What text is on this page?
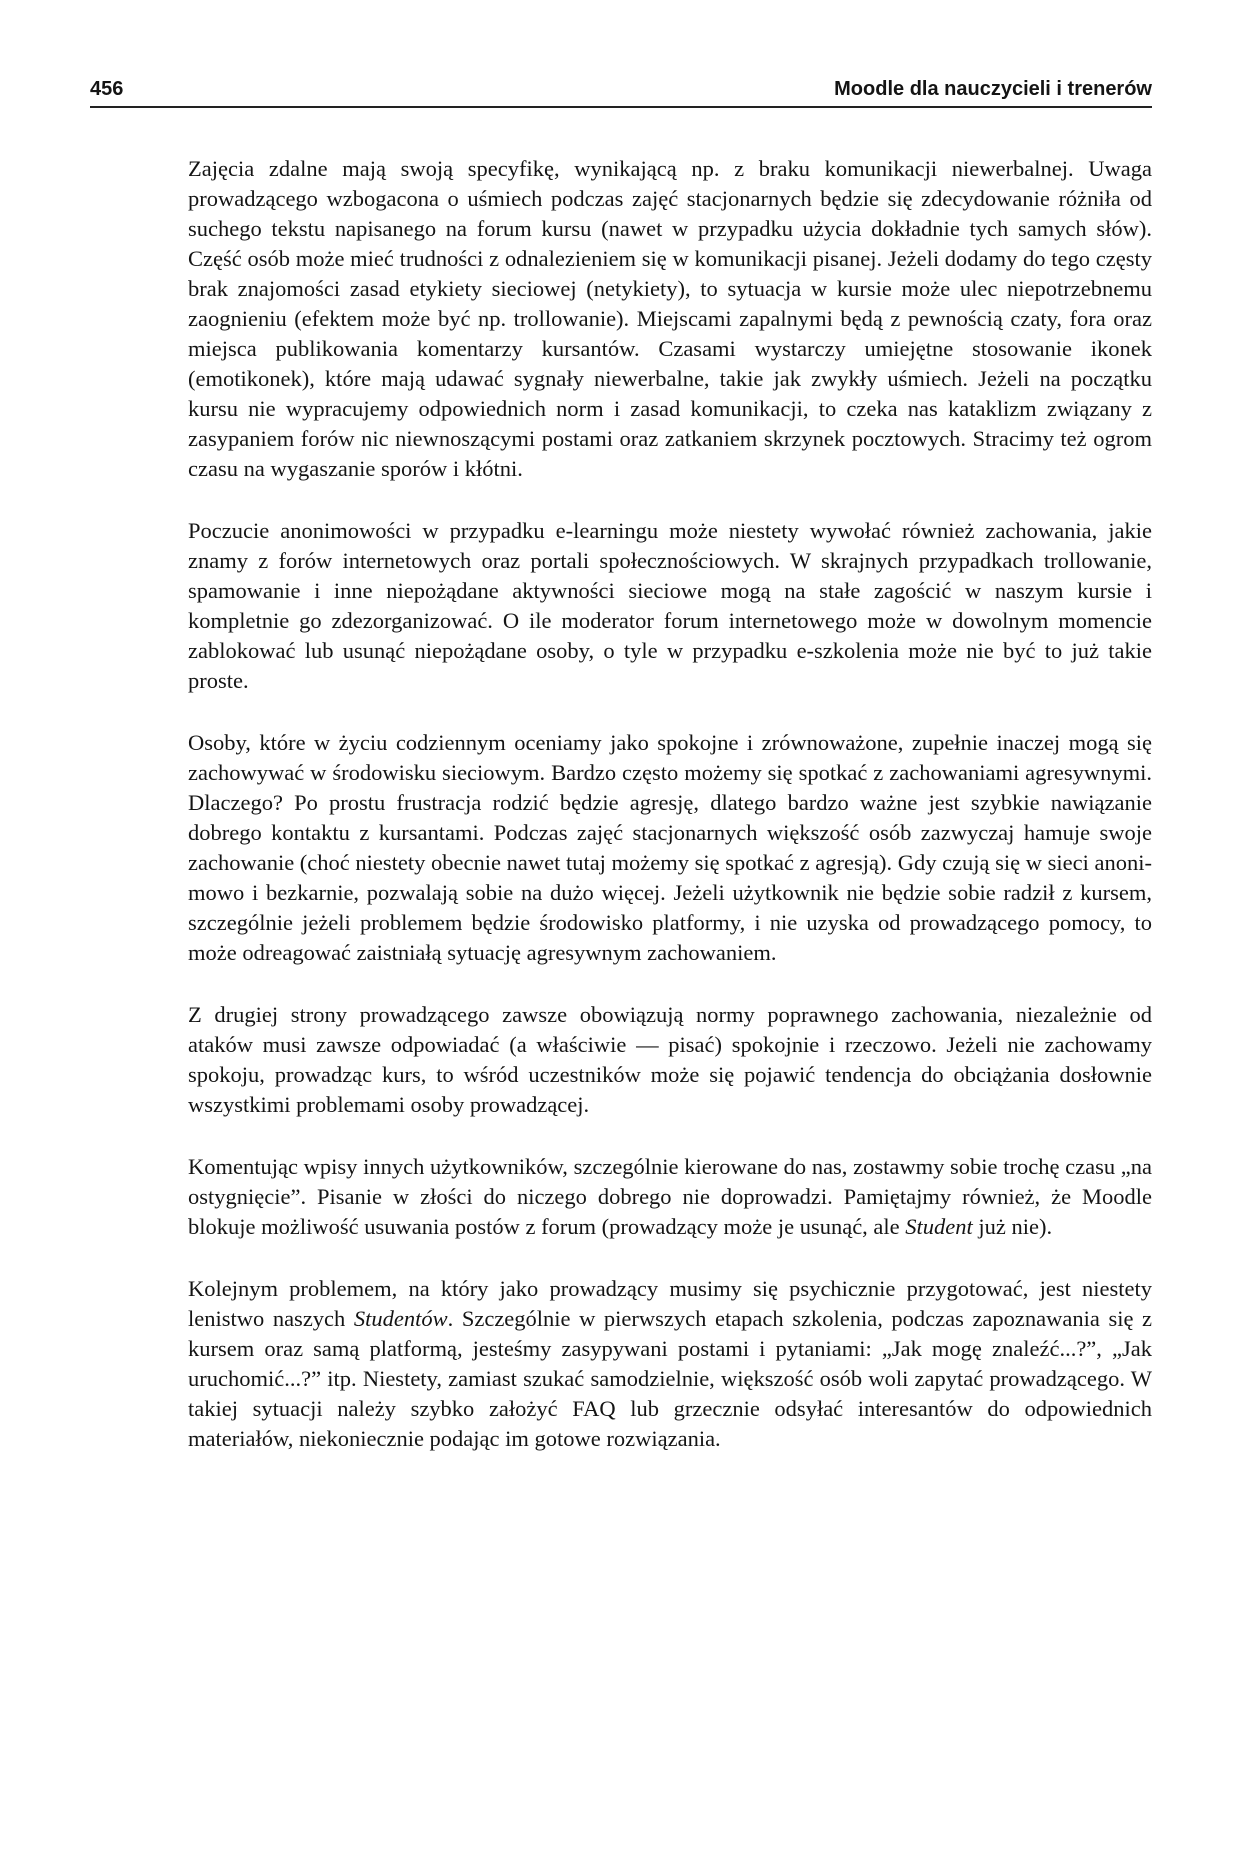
456	Moodle dla nauczycieli i trenerów

Zajęcia zdalne mają swoją specyfikę, wynikającą np. z braku komunikacji niewerbalnej. Uwaga prowadzącego wzbogacona o uśmiech podczas zajęć stacjonarnych będzie się zdecydowanie różniła od suchego tekstu napisanego na forum kursu (nawet w przypadku użycia dokładnie tych samych słów). Część osób może mieć trudności z odnalezieniem się w komunikacji pisanej. Jeżeli dodamy do tego częsty brak znajomości zasad etykiety sieciowej (netykiety), to sytuacja w kursie może ulec niepotrzebnemu zaognieniu (efektem może być np. trollowanie). Miejscami zapalnymi będą z pewnością czaty, fora oraz miejsca publikowania komentarzy kursantów. Czasami wystarczy umiejętne stosowanie ikonek (emotikonek), które mają udawać sygnały niewerbalne, takie jak zwykły uśmiech. Jeżeli na początku kursu nie wypracujemy odpowiednich norm i zasad komunikacji, to czeka nas kataklizm związany z zasypaniem forów nic niewnoszącymi postami oraz zatkaniem skrzynek pocztowych. Stracimy też ogrom czasu na wygaszanie sporów i kłótni.

Poczucie anonimowości w przypadku e-learningu może niestety wywołać również zachowania, jakie znamy z forów internetowych oraz portali społecznościowych. W skrajnych przypadkach trollowanie, spamowanie i inne niepożądane aktywności sieciowe mogą na stałe zagościć w naszym kursie i kompletnie go zdezorganizować. O ile moderator forum internetowego może w dowolnym momencie zablokować lub usunąć niepożądane osoby, o tyle w przypadku e-szkolenia może nie być to już takie proste.

Osoby, które w życiu codziennym oceniamy jako spokojne i zrównoważone, zupełnie inaczej mogą się zachowywać w środowisku sieciowym. Bardzo często możemy się spotkać z zachowaniami agresywnymi. Dlaczego? Po prostu frustracja rodzić będzie agresję, dlatego bardzo ważne jest szybkie nawiązanie dobrego kontaktu z kursantami. Podczas zajęć stacjonarnych większość osób zazwyczaj hamuje swoje zachowanie (choć niestety obecnie nawet tutaj możemy się spotkać z agresją). Gdy czują się w sieci anonimowo i bezkarnie, pozwalają sobie na dużo więcej. Jeżeli użytkownik nie będzie sobie radził z kursem, szczególnie jeżeli problemem będzie środowisko platformy, i nie uzyska od prowadzącego pomocy, to może odreagować zaistniałą sytuację agresywnym zachowaniem.

Z drugiej strony prowadzącego zawsze obowiązują normy poprawnego zachowania, niezależnie od ataków musi zawsze odpowiadać (a właściwie — pisać) spokojnie i rzeczowo. Jeżeli nie zachowamy spokoju, prowadząc kurs, to wśród uczestników może się pojawić tendencja do obciążania dosłownie wszystkimi problemami osoby prowadzącej.

Komentując wpisy innych użytkowników, szczególnie kierowane do nas, zostawmy sobie trochę czasu „na ostygnięcie”. Pisanie w złości do niczego dobrego nie doprowadzi. Pamiętajmy również, że Moodle blokuje możliwość usuwania postów z forum (prowadzący może je usunąć, ale Student już nie).

Kolejnym problemem, na który jako prowadzący musimy się psychicznie przygotować, jest niestety lenistwo naszych Studentów. Szczególnie w pierwszych etapach szkolenia, podczas zapoznawania się z kursem oraz samą platformą, jesteśmy zasypywani postami i pytaniami: „Jak mogę znaleźć...?”, „Jak uruchomić...?” itp. Niestety, zamiast szukać samodzielnie, większość osób woli zapytać prowadzącego. W takiej sytuacji należy szybko założyć FAQ lub grzecznie odsyłać interesantów do odpowiednich materiałów, niekoniecznie podając im gotowe rozwiązania.
